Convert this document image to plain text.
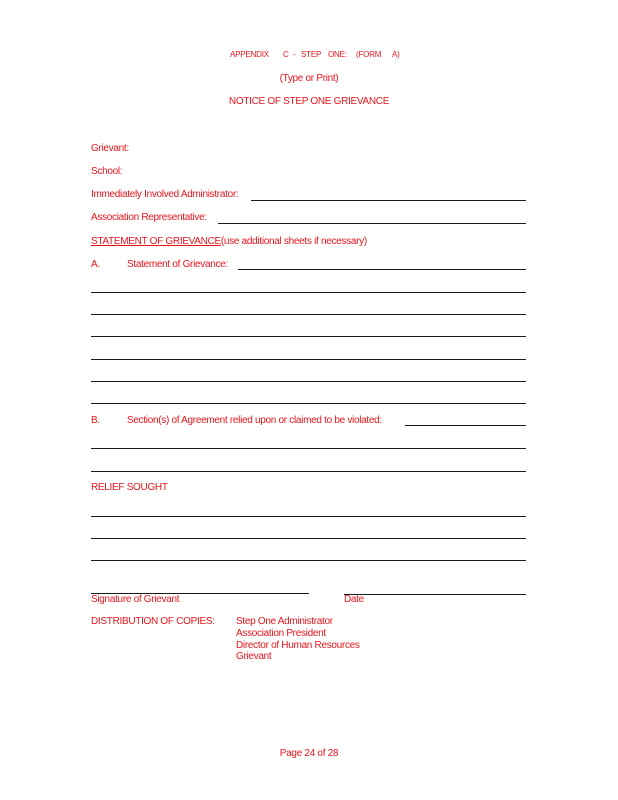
APPENDIX C - STEP ONE: (FORM A)
(Type or Print)
NOTICE OF STEP ONE GRIEVANCE
Grievant:
School:
Immediately Involved Administrator:
Association Representative:
STATEMENT OF GRIEVANCE(use additional sheets if necessary)
A.	Statement of Grievance:
B.	Section(s) of Agreement relied upon or claimed to be violated:
RELIEF SOUGHT
Signature of Grievant	Date
DISTRIBUTION OF COPIES: Step One Administrator
Association President
Director of Human Resources
Grievant
Page 24 of 28
